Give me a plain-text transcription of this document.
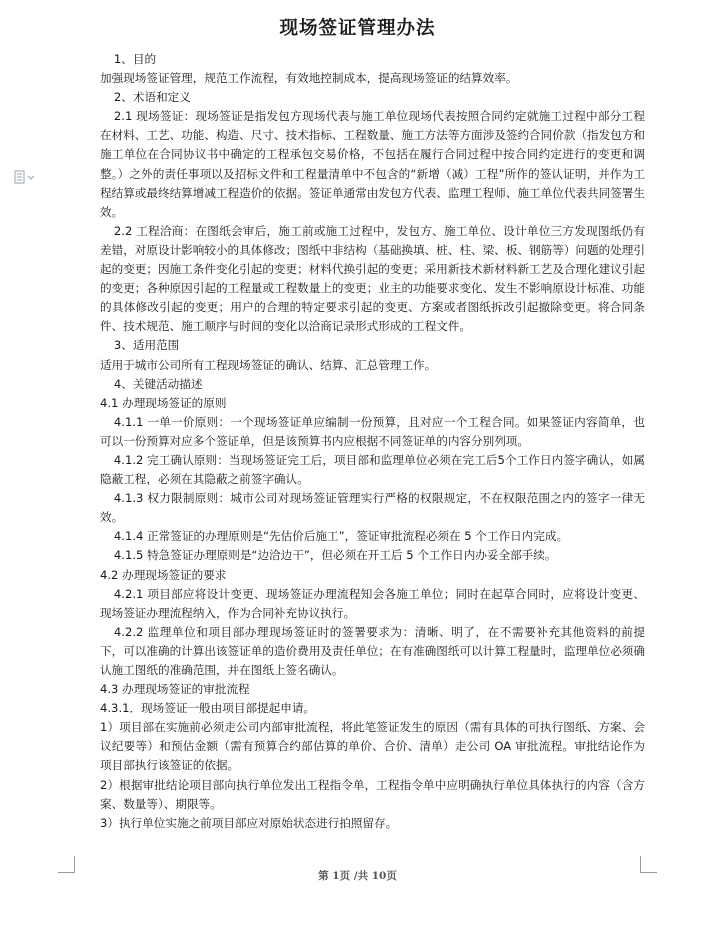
现场签证管理办法

1、目的

加强现场签证管理，规范工作流程，有效地控制成本，提高现场签证的结算效率。

2、术语和定义

2.1 现场签证：现场签证是指发包方现场代表与施工单位现场代表按照合同约定就施工过程中部分工程在材料、工艺、功能、构造、尺寸、技术指标、工程数量、施工方法等方面涉及签约合同价款（指发包方和施工单位在合同协议书中确定的工程承包交易价格，不包括在履行合同过程中按合同约定进行的变更和调整。）之外的责任事项以及招标文件和工程量清单中不包含的“新增（减）工程”所作的签认证明，并作为工程结算或最终结算增减工程造价的依据。签证单通常由发包方代表、监理工程师、施工单位代表共同签署生效。

2.2 工程洽商：在图纸会审后，施工前或施工过程中，发包方、施工单位、设计单位三方发现图纸仍有差错，对原设计影响较小的具体修改；图纸中非结构（基础换填、桩、柱、梁、板、钢筋等）问题的处理引起的变更；因施工条件变化引起的变更；材料代换引起的变更；采用新技术新材料新工艺及合理化建议引起的变更；各种原因引起的工程量或工程数量上的变更；业主的功能要求变化、发生不影响原设计标准、功能的具体修改引起的变更；用户的合理的特定要求引起的变更、方案或者图纸拆改引起撤除变更。将合同条件、技术规范、施工顺序与时间的变化以洽商记录形式形成的工程文件。

3、适用范围

适用于城市公司所有工程现场签证的确认、结算、汇总管理工作。

4、关键活动描述

4.1 办理现场签证的原则

4.1.1 一单一价原则：一个现场签证单应编制一份预算，且对应一个工程合同。如果签证内容简单，也可以一份预算对应多个签证单，但是该预算书内应根据不同签证单的内容分别列项。

4.1.2 完工确认原则：当现场签证完工后，项目部和监理单位必须在完工后5个工作日内签字确认，如属隐蔽工程，必须在其隐蔽之前签字确认。

4.1.3 权力限制原则：城市公司对现场签证管理实行严格的权限规定，不在权限范围之内的签字一律无效。

4.1.4 正常签证的办理原则是“先估价后施工”，签证审批流程必须在 5 个工作日内完成。

4.1.5 特急签证办理原则是“边洽边干”，但必须在开工后 5 个工作日内办妥全部手续。

4.2 办理现场签证的要求

4.2.1 项目部应将设计变更、现场签证办理流程知会各施工单位；同时在起草合同时，应将设计变更、现场签证办理流程纳入，作为合同补充协议执行。

4.2.2 监理单位和项目部办理现场签证时的签署要求为：清晰、明了，在不需要补充其他资料的前提下，可以准确的计算出该签证单的造价费用及责任单位；在有准确图纸可以计算工程量时，监理单位必须确认施工图纸的准确范围，并在图纸上签名确认。

4.3 办理现场签证的审批流程

4.3.1．现场签证一般由项目部提起申请。

1）项目部在实施前必须走公司内部审批流程，将此笔签证发生的原因（需有具体的可执行图纸、方案、会议纪要等）和预估金额（需有预算合约部估算的单价、合价、清单）走公司 OA 审批流程。审批结论作为项目部执行该签证的依据。

2）根据审批结论项目部向执行单位发出工程指令单，工程指令单中应明确执行单位具体执行的内容（含方案、数量等）、期限等。

3）执行单位实施之前项目部应对原始状态进行拍照留存。

第 1页 /共 10页
